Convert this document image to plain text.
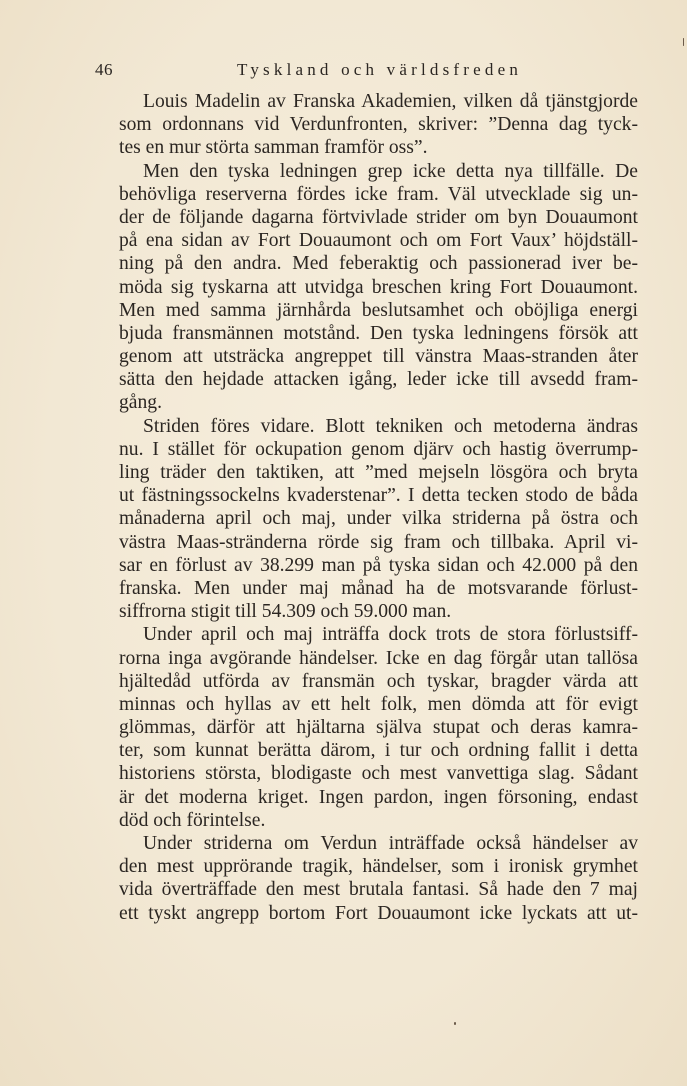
46	Tyskland och världsfreden

Louis Madelin av Franska Akademien, vilken då tjänstgjorde
som ordonnans vid Verdunfronten, skriver: ”Denna dag tyck-
tes en mur störta samman framför oss”.

Men den tyska ledningen grep icke detta nya tillfälle. De
behövliga reserverna fördes icke fram. Väl utvecklade sig un-
der de följande dagarna förtvivlade strider om byn Douaumont
på ena sidan av Fort Douaumont och om Fort Vaux’ höjdställ-
ning på den andra. Med feberaktig och passionerad iver be-
möda sig tyskarna att utvidga breschen kring Fort Douaumont.
Men med samma järnhårda beslutsamhet och oböjliga energi
bjuda fransmännen motstånd. Den tyska ledningens försök att
genom att utsträcka angreppet till vänstra Maas-stranden åter
sätta den hejdade attacken igång, leder icke till avsedd fram-
gång.

Striden föres vidare. Blott tekniken och metoderna ändras
nu. I stället för ockupation genom djärv och hastig överrump-
ling träder den taktiken, att ”med mejseln lösgöra och bryta
ut fästningssockelns kvaderstenar”. I detta tecken stodo de båda
månaderna april och maj, under vilka striderna på östra och
västra Maas-stränderna rörde sig fram och tillbaka. April vi-
sar en förlust av 38.299 man på tyska sidan och 42.000 på den
franska. Men under maj månad ha de motsvarande förlust-
siffrorna stigit till 54.309 och 59.000 man.

Under april och maj inträffa dock trots de stora förlustsiff-
rorna inga avgörande händelser. Icke en dag förgår utan tallösa
hjältedåd utförda av fransmän och tyskar, bragder värda att
minnas och hyllas av ett helt folk, men dömda att för evigt
glömmas, därför att hjältarna själva stupat och deras kamra-
ter, som kunnat berätta därom, i tur och ordning fallit i detta
historiens största, blodigaste och mest vanvettiga slag. Sådant
är det moderna kriget. Ingen pardon, ingen försoning, endast
död och förintelse.

Under striderna om Verdun inträffade också händelser av
den mest upprörande tragik, händelser, som i ironisk grymhet
vida överträffade den mest brutala fantasi. Så hade den 7 maj
ett tyskt angrepp bortom Fort Douaumont icke lyckats att ut-
